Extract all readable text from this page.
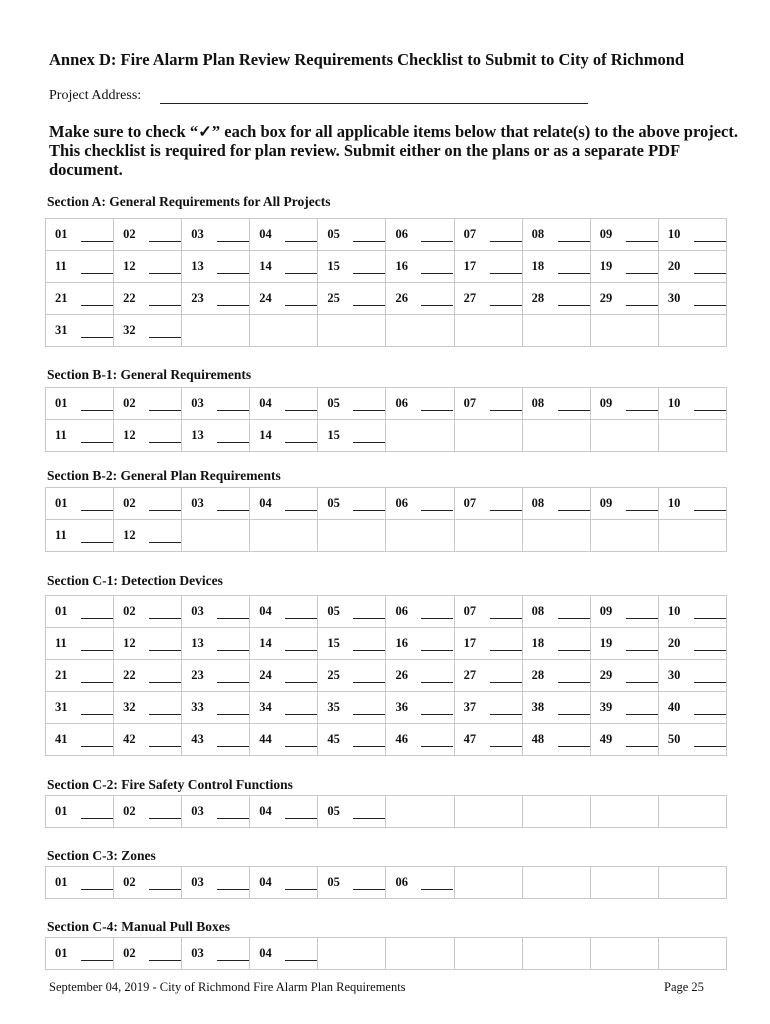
Annex D: Fire Alarm Plan Review Requirements Checklist to Submit to City of Richmond
Project Address:
Make sure to check “✓” each box for all applicable items below that relate(s) to the above project. This checklist is required for plan review. Submit either on the plans or as a separate PDF document.
Section A: General Requirements for All Projects
01	02	03	04	05	06	07	08	09	10

11	12	13	14	15	16	17	18	19	20

21	22	23	24	25	26	27	28	29	30

31	32								

Section B-1: General Requirements
01	02	03	04	05	06	07	08	09	10

11	12	13	14	15					

Section B-2: General Plan Requirements
01	02	03	04	05	06	07	08	09	10

11	12								

Section C-1: Detection Devices
01	02	03	04	05	06	07	08	09	10

11	12	13	14	15	16	17	18	19	20

21	22	23	24	25	26	27	28	29	30

31	32	33	34	35	36	37	38	39	40

41	42	43	44	45	46	47	48	49	50
Section C-2: Fire Safety Control Functions
01	02	03	04	05

Section C-3: Zones
01	02	03	04	05	06

Section C-4: Manual Pull Boxes
01	02	03	04

September 04, 2019 - City of Richmond Fire Alarm Plan Requirements	Page 25
